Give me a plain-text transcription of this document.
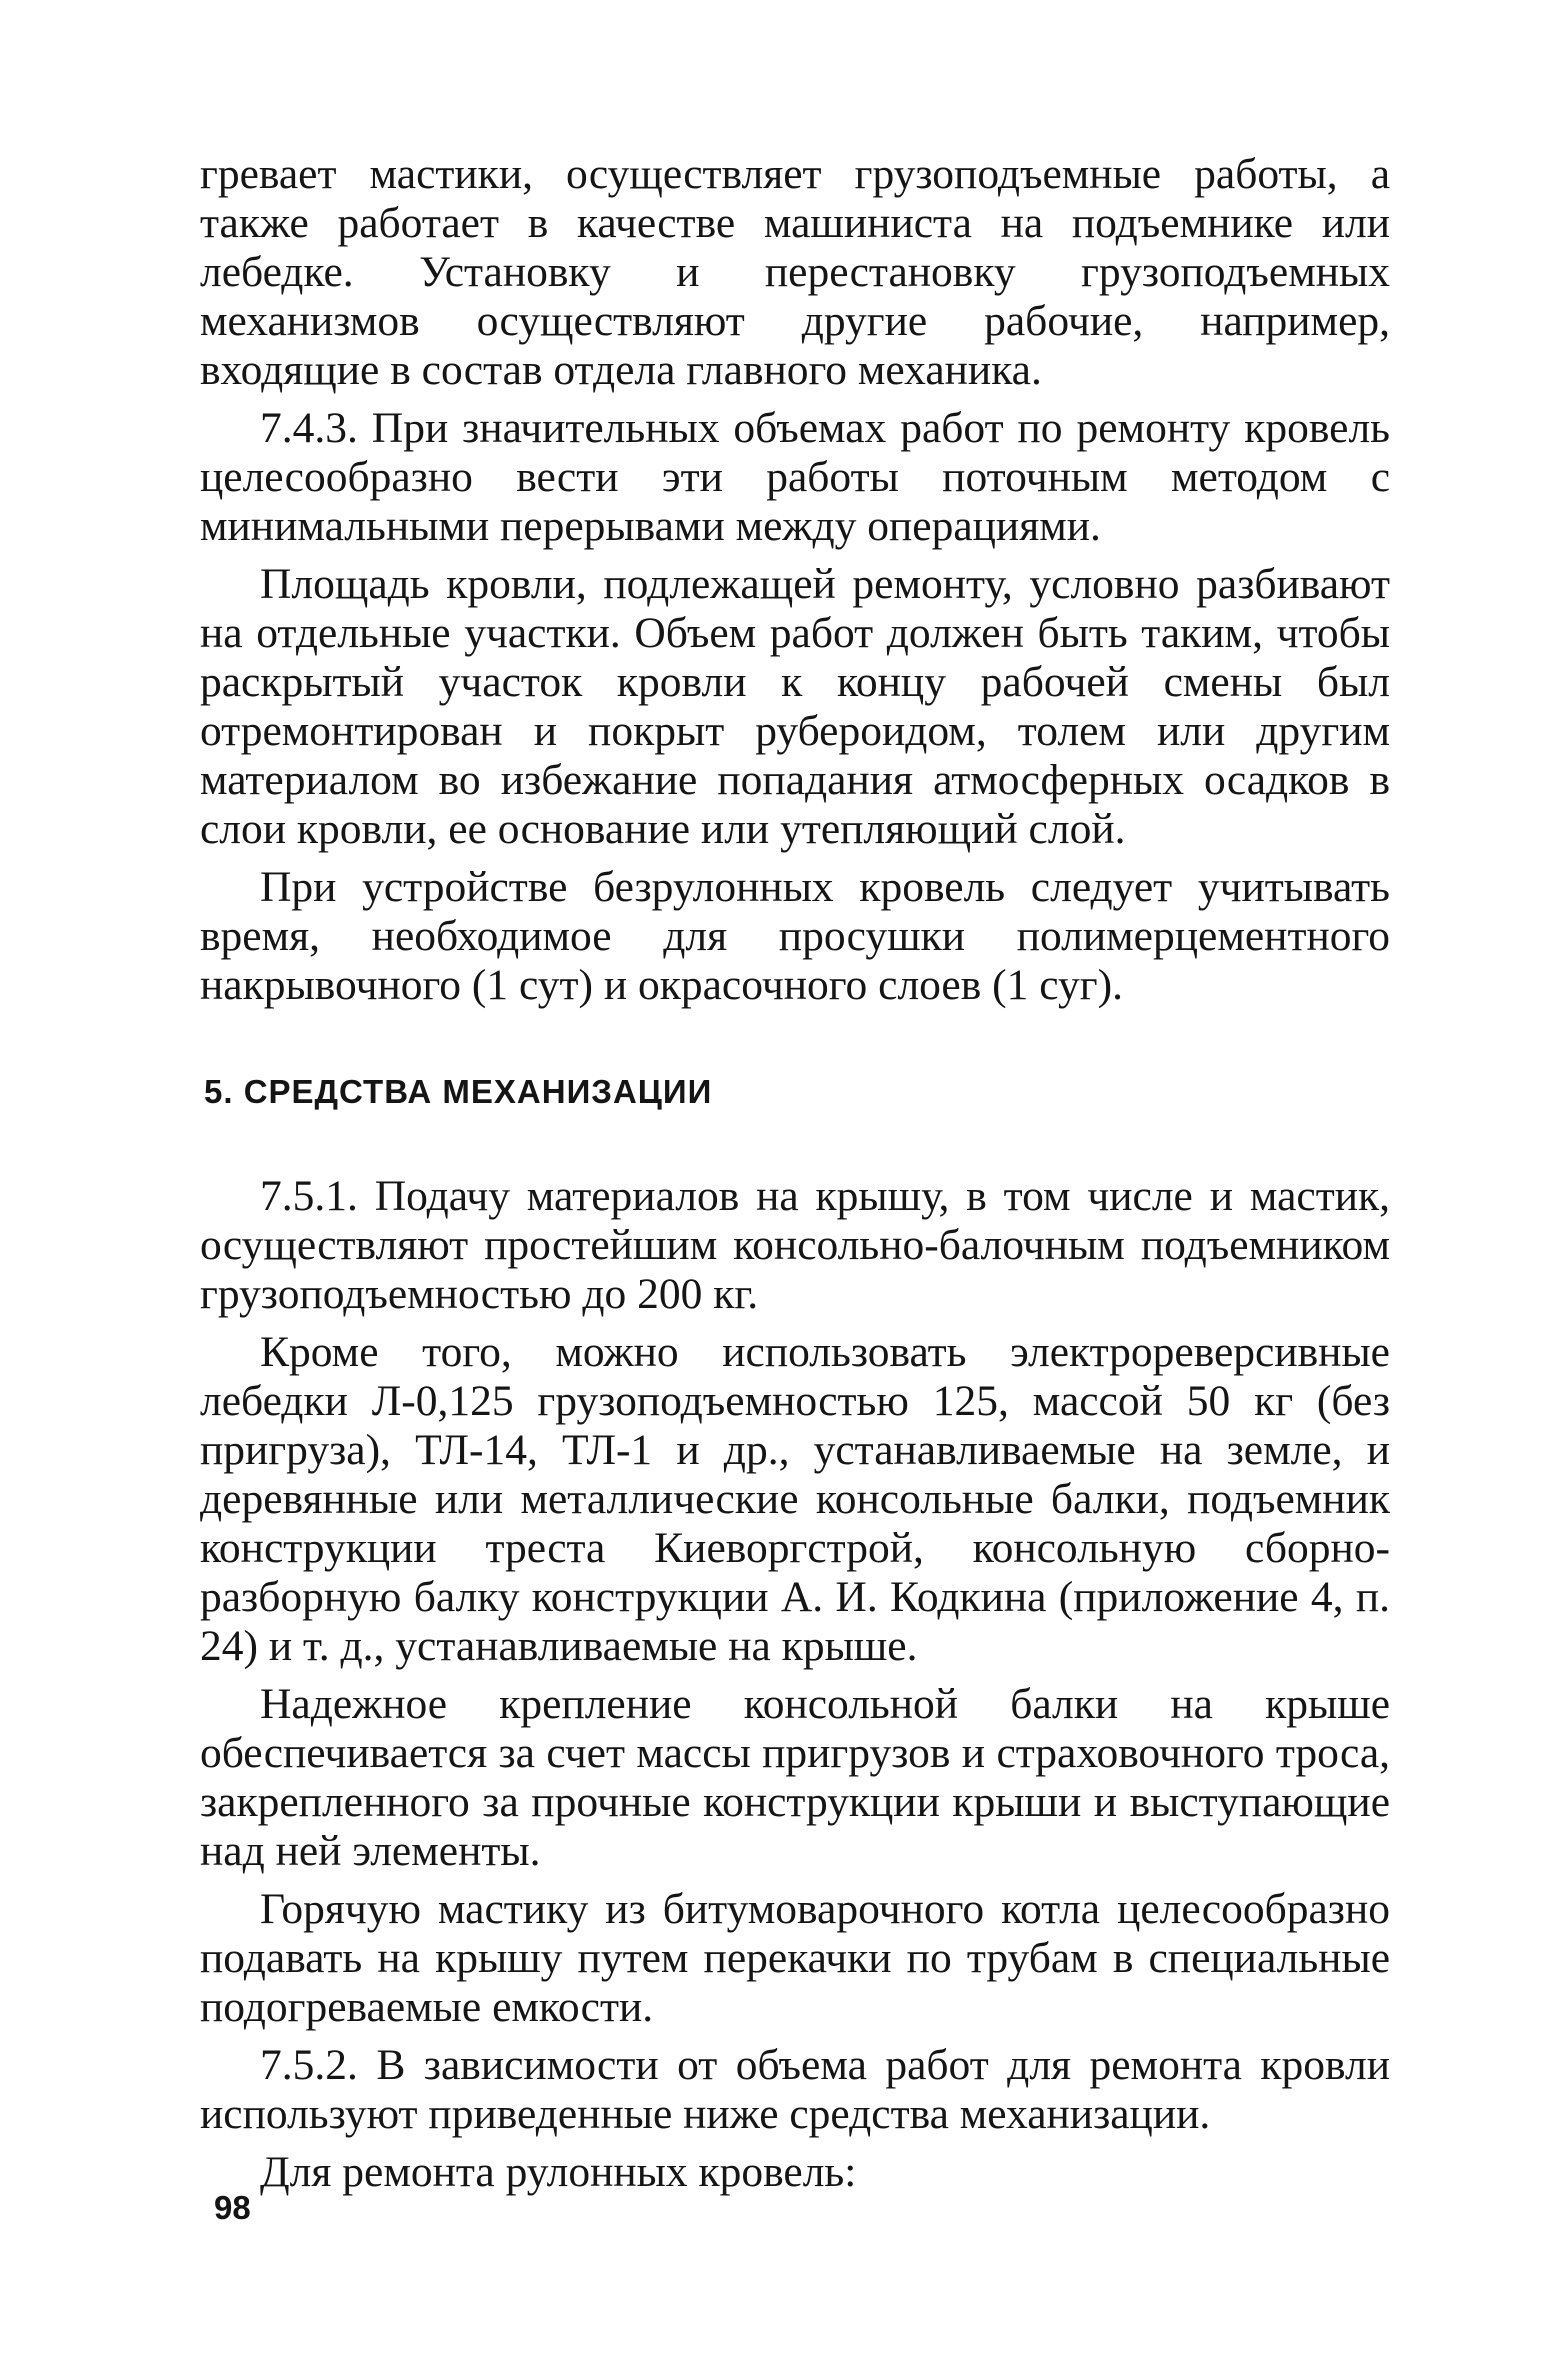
гревает мастики, осуществляет грузоподъемные работы, а также работает в качестве машиниста на подъемнике или лебедке. Установку и перестановку грузоподъемных механизмов осуществляют другие рабочие, например, входящие в состав отдела главного механика.

7.4.3. При значительных объемах работ по ремонту кровель целесообразно вести эти работы поточным методом с минимальными перерывами между операциями.

Площадь кровли, подлежащей ремонту, условно разбивают на отдельные участки. Объем работ должен быть таким, чтобы раскрытый участок кровли к концу рабочей смены был отремонтирован и покрыт рубероидом, толем или другим материалом во избежание попадания атмосферных осадков в слои кровли, ее основание или утепляющий слой.

При устройстве безрулонных кровель следует учитывать время, необходимое для просушки полимерцементного накрывочного (1 сут) и окрасочного слоев (1 суг).

5. СРЕДСТВА МЕХАНИЗАЦИИ

7.5.1. Подачу материалов на крышу, в том числе и мастик, осуществляют простейшим консольно-балочным подъемником грузоподъемностью до 200 кг.

Кроме того, можно использовать электрореверсивные лебедки Л-0,125 грузоподъемностью 125, массой 50 кг (без пригруза), ТЛ-14, ТЛ-1 и др., устанавливаемые на земле, и деревянные или металлические консольные балки, подъемник конструкции треста Киеворгстрой, консольную сборно-разборную балку конструкции А. И. Кодкина (приложение 4, п. 24) и т. д., устанавливаемые на крыше.

Надежное крепление консольной балки на крыше обеспечивается за счет массы пригрузов и страховочного троса, закрепленного за прочные конструкции крыши и выступающие над ней элементы.

Горячую мастику из битумоварочного котла целесообразно подавать на крышу путем перекачки по трубам в специальные подогреваемые емкости.

7.5.2. В зависимости от объема работ для ремонта кровли используют приведенные ниже средства механизации.

Для ремонта рулонных кровель:

98
